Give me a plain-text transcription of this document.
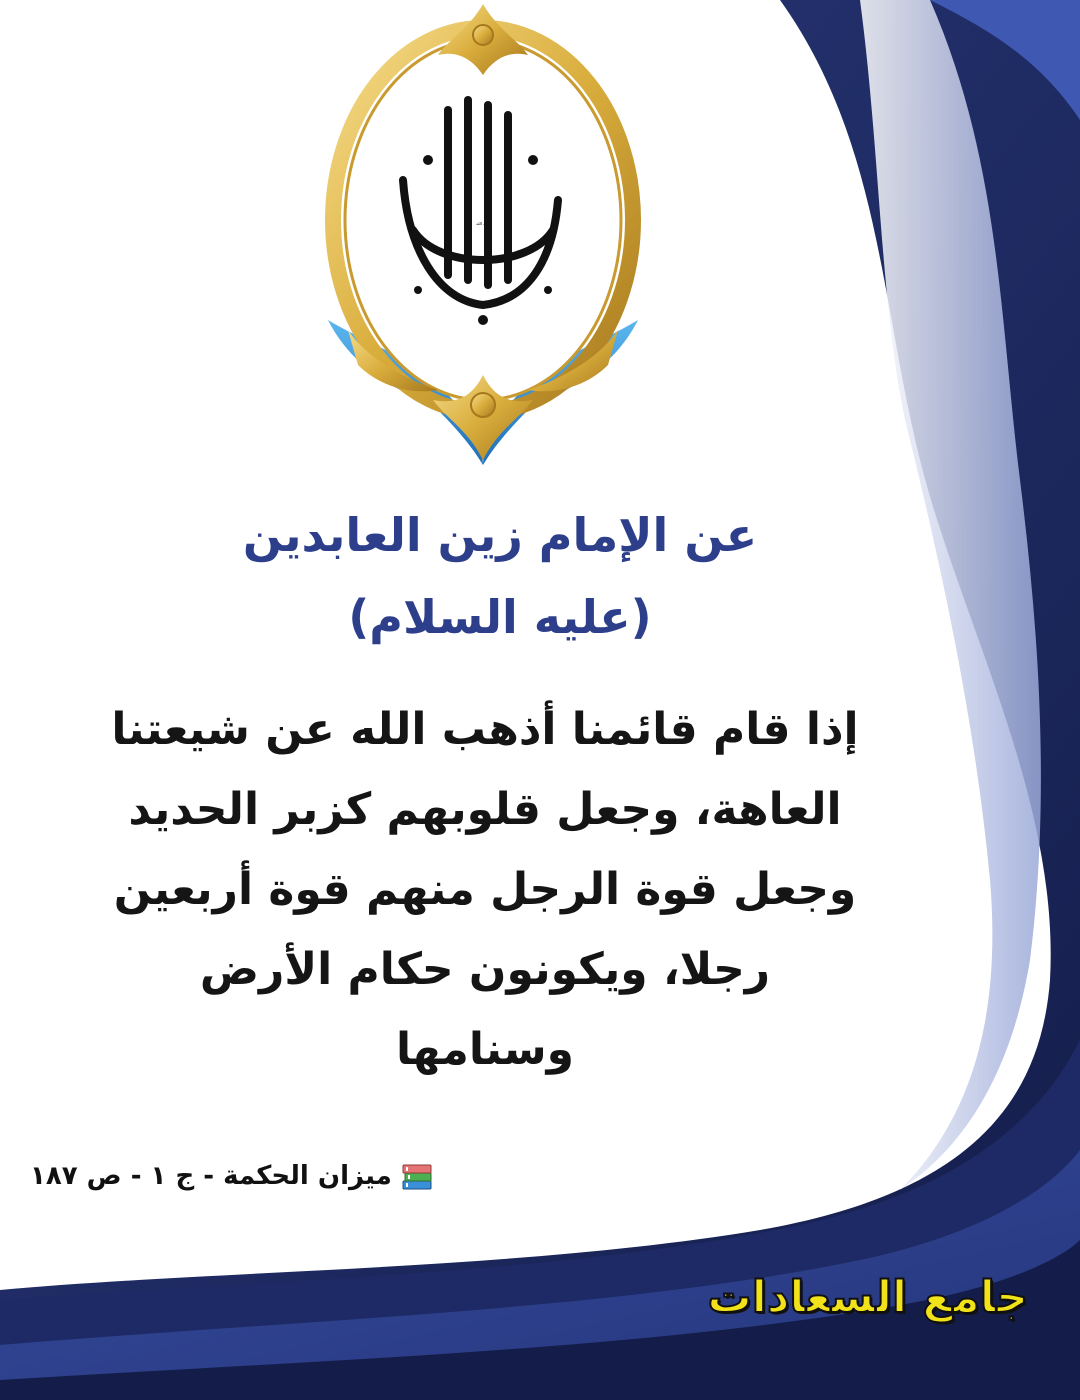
بقية الله
عن الإمام زين العابدين
(عليه السلام)
إذا قام قائمنا أذهب الله عن شيعتنا
العاهة، وجعل قلوبهم كزبر الحديد
وجعل قوة الرجل منهم قوة أربعين
رجلا، ويكونون حكام الأرض
وسنامها
ميزان الحكمة - ج ١ - ص ١٨٧
جامع السعادات
